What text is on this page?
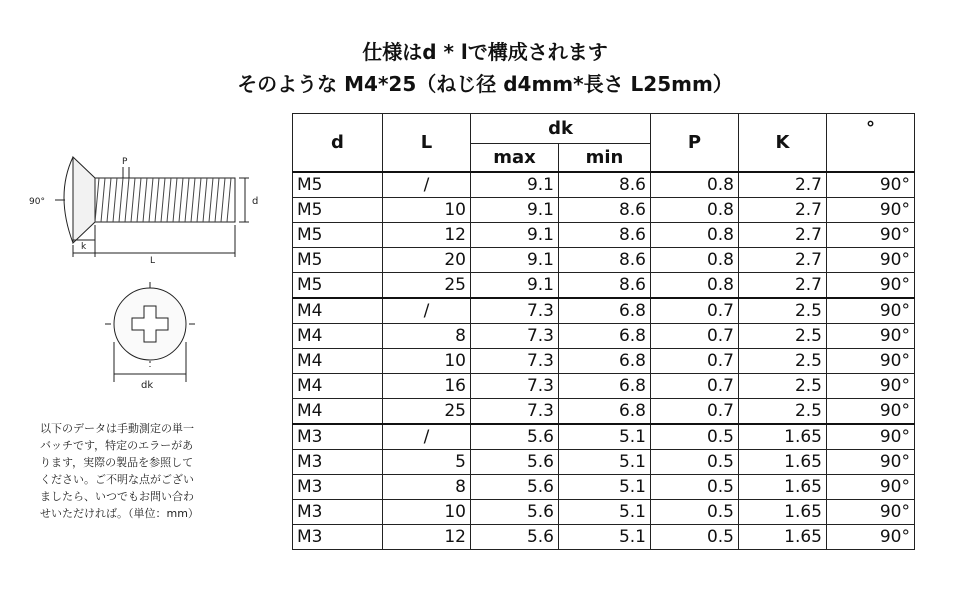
仕様はd * lで構成されます
そのような M4*25（ねじ径 d4mm*長さ L25mm）
90°
P
d
k
L
dk
以下のデータは手動測定の単一
バッチです，特定のエラーがあ
ります，実際の製品を参照して
ください。ご不明な点がござい
ましたら、いつでもお問い合わ
せいただければ。（単位：mm）
d	L	dk		P	K	°
		max	min			
M5	/	9.1	8.6	0.8	2.7	90°
M5	10	9.1	8.6	0.8	2.7	90°
M5	12	9.1	8.6	0.8	2.7	90°
M5	20	9.1	8.6	0.8	2.7	90°
M5	25	9.1	8.6	0.8	2.7	90°
M4	/	7.3	6.8	0.7	2.5	90°
M4	8	7.3	6.8	0.7	2.5	90°
M4	10	7.3	6.8	0.7	2.5	90°
M4	16	7.3	6.8	0.7	2.5	90°
M4	25	7.3	6.8	0.7	2.5	90°
M3	/	5.6	5.1	0.5	1.65	90°
M3	5	5.6	5.1	0.5	1.65	90°
M3	8	5.6	5.1	0.5	1.65	90°
M3	10	5.6	5.1	0.5	1.65	90°
M3	12	5.6	5.1	0.5	1.65	90°
